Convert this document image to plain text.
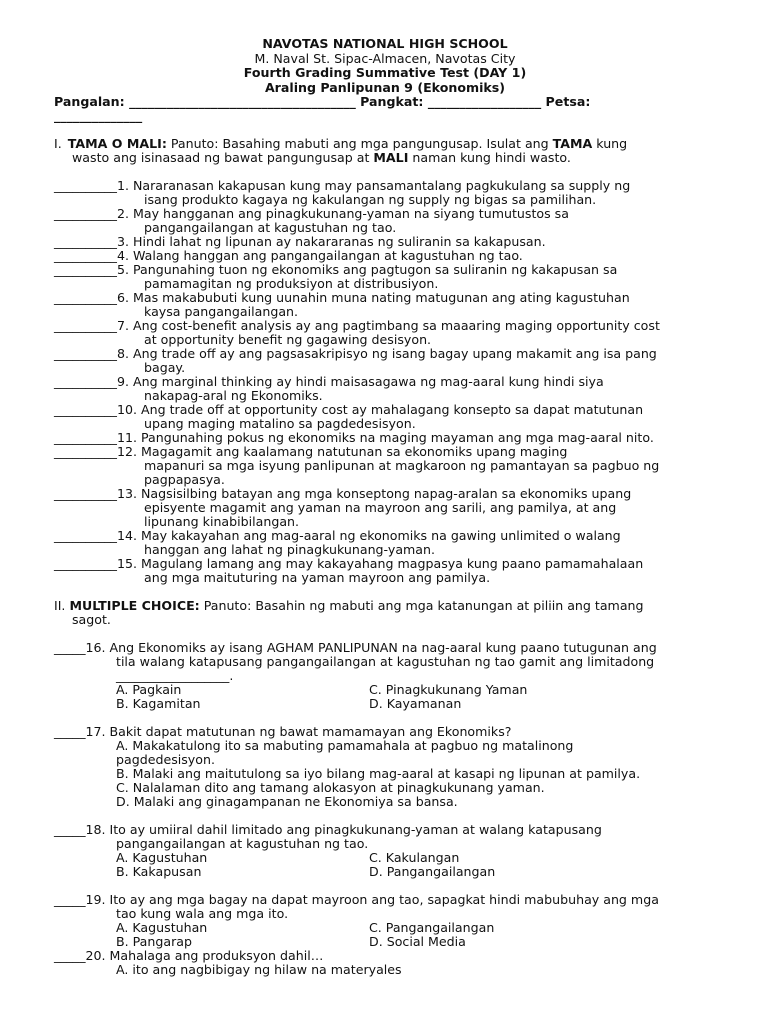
NAVOTAS NATIONAL HIGH SCHOOL
M. Naval St. Sipac-Almacen, Navotas City
Fourth Grading Summative Test (DAY 1)
Araling Panlipunan 9 (Ekonomiks)
Pangalan: ____________________________________ Pangkat: __________________ Petsa:
______________
I. TAMA O MALI: Panuto: Basahing mabuti ang mga pangungusap. Isulat ang TAMA kung
wasto ang isinasaad ng bawat pangungusap at MALI naman kung hindi wasto.
__________1. Nararanasan kakapusan kung may pansamantalang pagkukulang sa supply ng
isang produkto kagaya ng kakulangan ng supply ng bigas sa pamilihan.
__________2. May hangganan ang pinagkukunang-yaman na siyang tumutustos sa
pangangailangan at kagustuhan ng tao.
__________3. Hindi lahat ng lipunan ay nakararanas ng suliranin sa kakapusan.
__________4. Walang hanggan ang pangangailangan at kagustuhan ng tao.
__________5. Pangunahing tuon ng ekonomiks ang pagtugon sa suliranin ng kakapusan sa
pamamagitan ng produksiyon at distribusiyon.
__________6. Mas makabubuti kung uunahin muna nating matugunan ang ating kagustuhan
kaysa pangangailangan.
__________7. Ang cost-benefit analysis ay ang pagtimbang sa maaaring maging opportunity cost
at opportunity benefit ng gagawing desisyon.
__________8. Ang trade off ay ang pagsasakripisyo ng isang bagay upang makamit ang isa pang
bagay.
__________9. Ang marginal thinking ay hindi maisasagawa ng mag-aaral kung hindi siya
nakapag-aral ng Ekonomiks.
__________10. Ang trade off at opportunity cost ay mahalagang konsepto sa dapat matutunan
upang maging matalino sa pagdedesisyon.
__________11. Pangunahing pokus ng ekonomiks na maging mayaman ang mga mag-aaral nito.
__________12. Magagamit ang kaalamang natutunan sa ekonomiks upang maging
mapanuri sa mga isyung panlipunan at magkaroon ng pamantayan sa pagbuo ng
pagpapasya.
__________13. Nagsisilbing batayan ang mga konseptong napag-aralan sa ekonomiks upang
episyente magamit ang yaman na mayroon ang sarili, ang pamilya, at ang
lipunang kinabibilangan.
__________14. May kakayahan ang mag-aaral ng ekonomiks na gawing unlimited o walang
hanggan ang lahat ng pinagkukunang-yaman.
__________15. Magulang lamang ang may kakayahang magpasya kung paano pamamahalaan
ang mga maituturing na yaman mayroon ang pamilya.
II. MULTIPLE CHOICE: Panuto: Basahin ng mabuti ang mga katanungan at piliin ang tamang
sagot.
_____16. Ang Ekonomiks ay isang AGHAM PANLIPUNAN na nag-aaral kung paano tutugunan ang
tila walang katapusang pangangailangan at kagustuhan ng tao gamit ang limitadong
__________________.
A. Pagkain	C. Pinagkukunang Yaman
B. Kagamitan	D. Kayamanan
_____17. Bakit dapat matutunan ng bawat mamamayan ang Ekonomiks?
A. Makakatulong ito sa mabuting pamamahala at pagbuo ng matalinong
pagdedesisyon.
B. Malaki ang maitutulong sa iyo bilang mag-aaral at kasapi ng lipunan at pamilya.
C. Nalalaman dito ang tamang alokasyon at pinagkukunang yaman.
D. Malaki ang ginagampanan ne Ekonomiya sa bansa.
_____18. Ito ay umiiral dahil limitado ang pinagkukunang-yaman at walang katapusang
pangangailangan at kagustuhan ng tao.
A. Kagustuhan	C. Kakulangan
B. Kakapusan	D. Pangangailangan
_____19. Ito ay ang mga bagay na dapat mayroon ang tao, sapagkat hindi mabubuhay ang mga
tao kung wala ang mga ito.
A. Kagustuhan	C. Pangangailangan
B. Pangarap	D. Social Media
_____20. Mahalaga ang produksyon dahil…
A. ito ang nagbibigay ng hilaw na materyales
